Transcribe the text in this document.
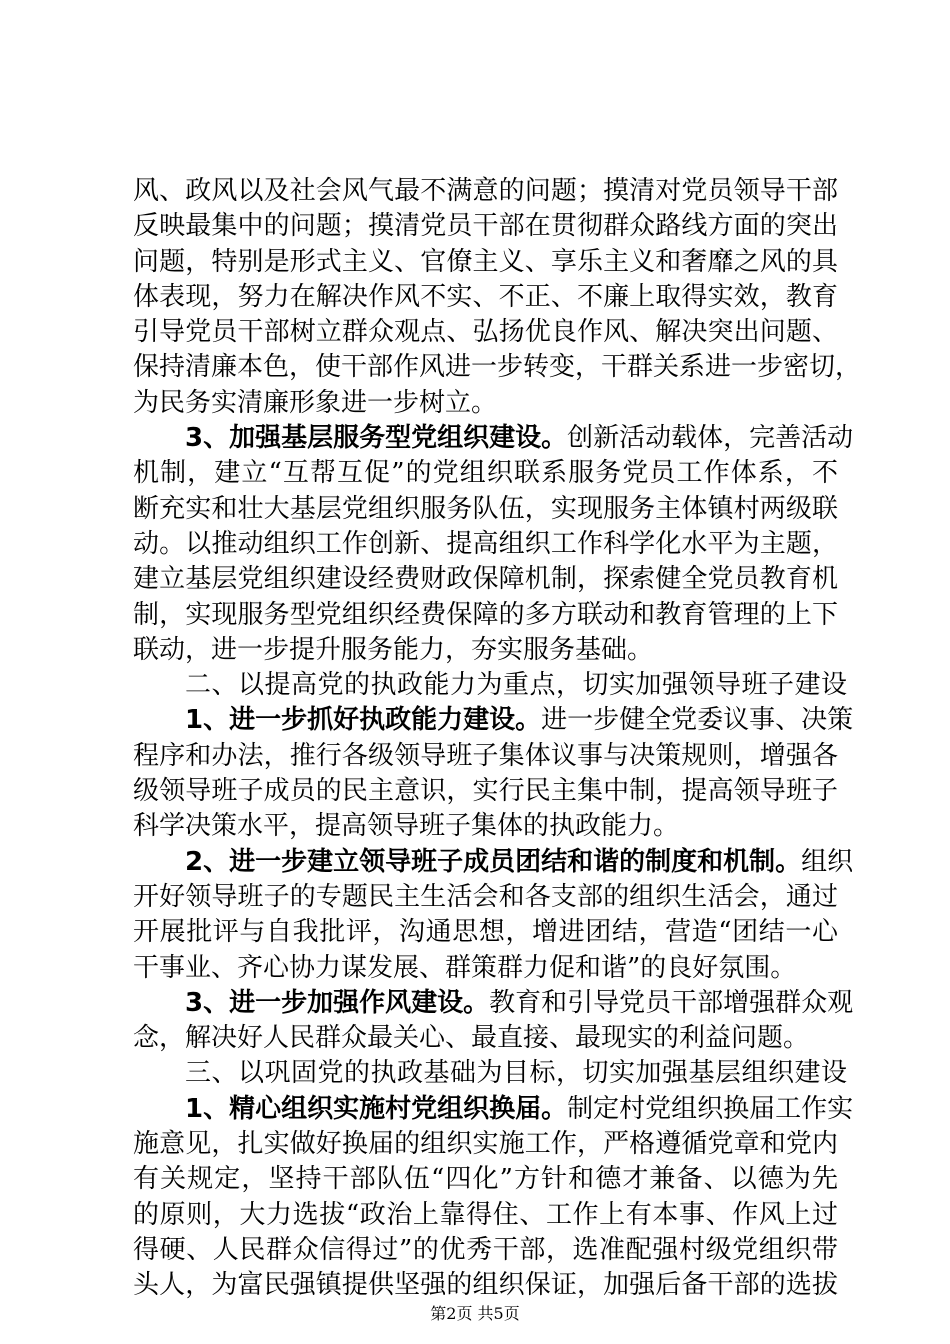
风、政风以及社会风气最不满意的问题；摸清对党员领导干部
反映最集中的问题；摸清党员干部在贯彻群众路线方面的突出
问题，特别是形式主义、官僚主义、享乐主义和奢靡之风的具
体表现，努力在解决作风不实、不正、不廉上取得实效，教育
引导党员干部树立群众观点、弘扬优良作风、解决突出问题、
保持清廉本色，使干部作风进一步转变，干群关系进一步密切，
为民务实清廉形象进一步树立。
3、加强基层服务型党组织建设。创新活动载体，完善活动
机制，建立“互帮互促”的党组织联系服务党员工作体系，不
断充实和壮大基层党组织服务队伍，实现服务主体镇村两级联
动。以推动组织工作创新、提高组织工作科学化水平为主题，
建立基层党组织建设经费财政保障机制，探索健全党员教育机
制，实现服务型党组织经费保障的多方联动和教育管理的上下
联动，进一步提升服务能力，夯实服务基础。
二、以提高党的执政能力为重点，切实加强领导班子建设
1、进一步抓好执政能力建设。进一步健全党委议事、决策
程序和办法，推行各级领导班子集体议事与决策规则，增强各
级领导班子成员的民主意识，实行民主集中制，提高领导班子
科学决策水平，提高领导班子集体的执政能力。
2、进一步建立领导班子成员团结和谐的制度和机制。组织
开好领导班子的专题民主生活会和各支部的组织生活会，通过
开展批评与自我批评，沟通思想，增进团结，营造“团结一心
干事业、齐心协力谋发展、群策群力促和谐”的良好氛围。
3、进一步加强作风建设。教育和引导党员干部增强群众观
念，解决好人民群众最关心、最直接、最现实的利益问题。
三、以巩固党的执政基础为目标，切实加强基层组织建设
1、精心组织实施村党组织换届。制定村党组织换届工作实
施意见，扎实做好换届的组织实施工作，严格遵循党章和党内
有关规定，坚持干部队伍“四化”方针和德才兼备、以德为先
的原则，大力选拔“政治上靠得住、工作上有本事、作风上过
得硬、人民群众信得过”的优秀干部，选准配强村级党组织带
头人，为富民强镇提供坚强的组织保证，加强后备干部的选拔
第2页 共5页
